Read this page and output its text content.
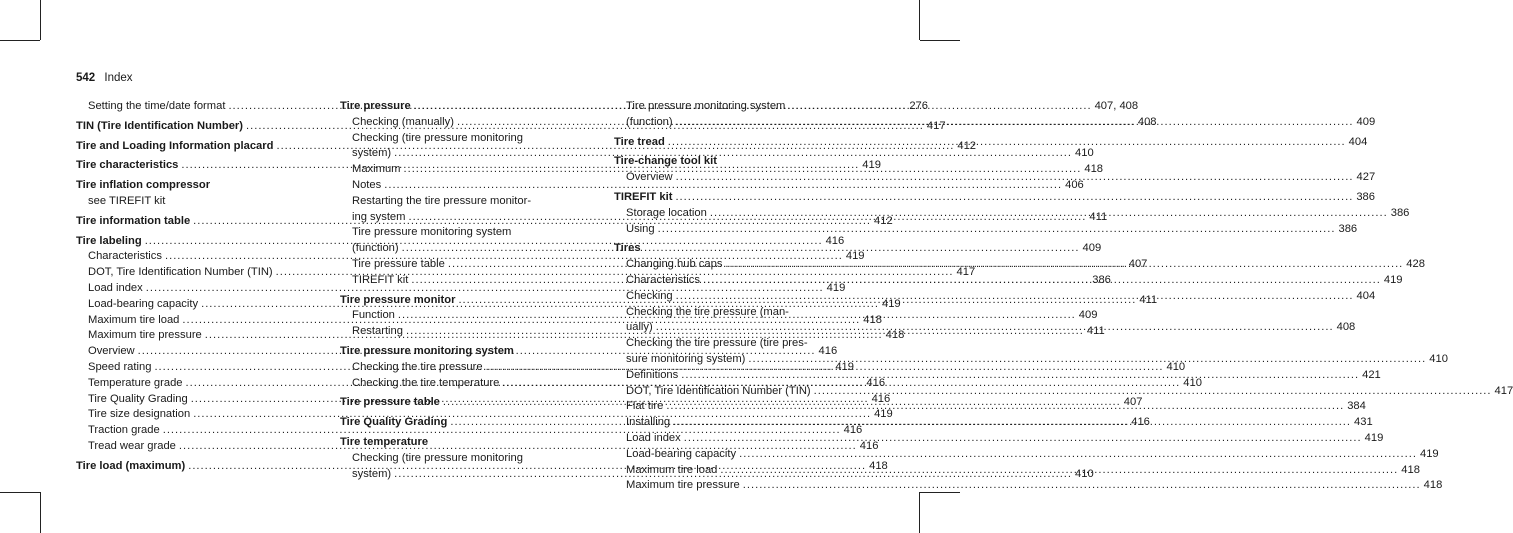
542 Index
Setting the time/date format .....	276
TIN (Tire Identification Number) .....	417
Tire and Loading Information placard .....	412
Tire characteristics .....	419
Tire inflation compressor
see TIREFIT kit
Tire information table .....	412
Tire labeling .....	416
Characteristics .....	419
DOT, Tire Identification Number (TIN) .....	417
Load index .....	419
Load-bearing capacity .....	419
Maximum tire load .....	418
Maximum tire pressure .....	418
Overview .....	416
Speed rating .....	419
Temperature grade .....	416
Tire Quality Grading .....	416
Tire size designation .....	419
Traction grade .....	416
Tread wear grade .....	416
Tire load (maximum) .....	418
Tire pressure .....	407, 408
Checking (manually) .....	408
Checking (tire pressure monitoring
system) .....	410
Maximum .....	418
Notes .....	406
Restarting the tire pressure monitor-
ing system .....	411
Tire pressure monitoring system
(function) .....	409
Tire pressure table .....	407
TIREFIT kit .....	386
Tire pressure monitor .....	411
Function .....	409
Restarting .....	411
Tire pressure monitoring system
Checking the tire pressure .....	410
Checking the tire temperature .....	410
Tire pressure table .....	407
Tire Quality Grading .....	416
Tire temperature
Checking (tire pressure monitoring
system) .....	410
Tire pressure monitoring system
(function) .....	409
Tire tread .....	404
Tire-change tool kit
Overview .....	427
TIREFIT kit .....	386
Storage location .....	386
Using .....	386
Tires
Changing hub caps .....	428
Characteristics .....	419
Checking .....	404
Checking the tire pressure (man-
ually) .....	408
Checking the tire pressure (tire pres-
sure monitoring system) .....	410
Definitions .....	421
DOT, Tire Identification Number (TIN) .....	417
Flat tire .....	384
Installing .....	431
Load index .....	419
Load-bearing capacity .....	419
Maximum tire load .....	418
Maximum tire pressure .....	418
